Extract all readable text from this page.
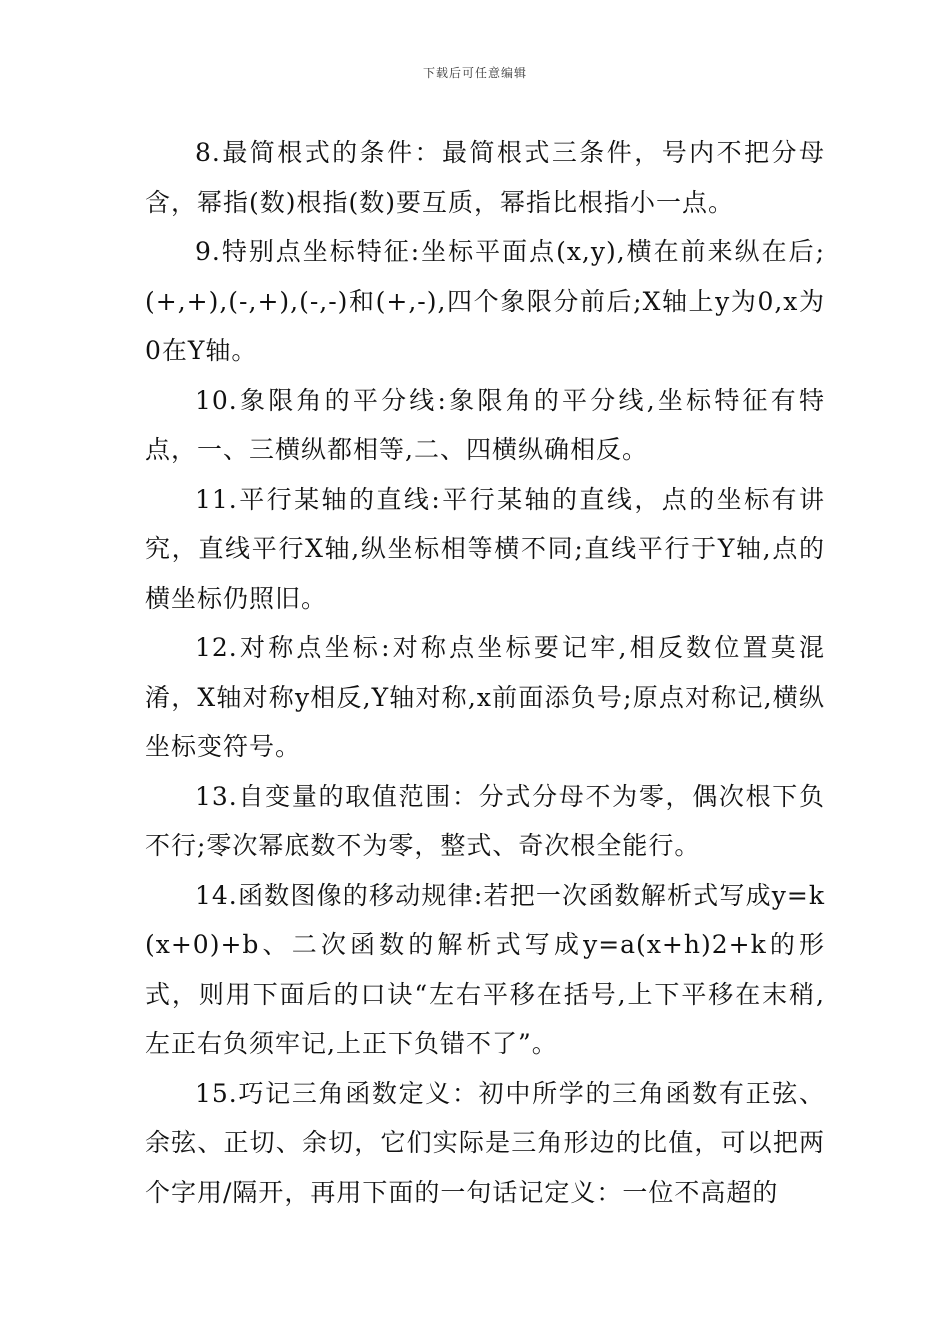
下载后可任意编辑

8.最简根式的条件：最简根式三条件，号内不把分母含，幂指(数)根指(数)要互质，幂指比根指小一点。

9.特别点坐标特征:坐标平面点(x,y),横在前来纵在后;(+,+),(-,+),(-,-)和(+,-),四个象限分前后;X轴上y为0,x为0在Y轴。

10.象限角的平分线:象限角的平分线,坐标特征有特点，一、三横纵都相等,二、四横纵确相反。

11.平行某轴的直线:平行某轴的直线，点的坐标有讲究，直线平行X轴,纵坐标相等横不同;直线平行于Y轴,点的横坐标仍照旧。

12.对称点坐标:对称点坐标要记牢,相反数位置莫混淆，X轴对称y相反,Y轴对称,x前面添负号;原点对称记,横纵坐标变符号。

13.自变量的取值范围：分式分母不为零，偶次根下负不行;零次幂底数不为零，整式、奇次根全能行。

14.函数图像的移动规律:若把一次函数解析式写成y=k(x+0)+b、二次函数的解析式写成y=a(x+h)2+k的形式，则用下面后的口诀“左右平移在括号,上下平移在末稍,左正右负须牢记,上正下负错不了”。

15.巧记三角函数定义：初中所学的三角函数有正弦、余弦、正切、余切，它们实际是三角形边的比值，可以把两个字用/隔开，再用下面的一句话记定义：一位不高超的
